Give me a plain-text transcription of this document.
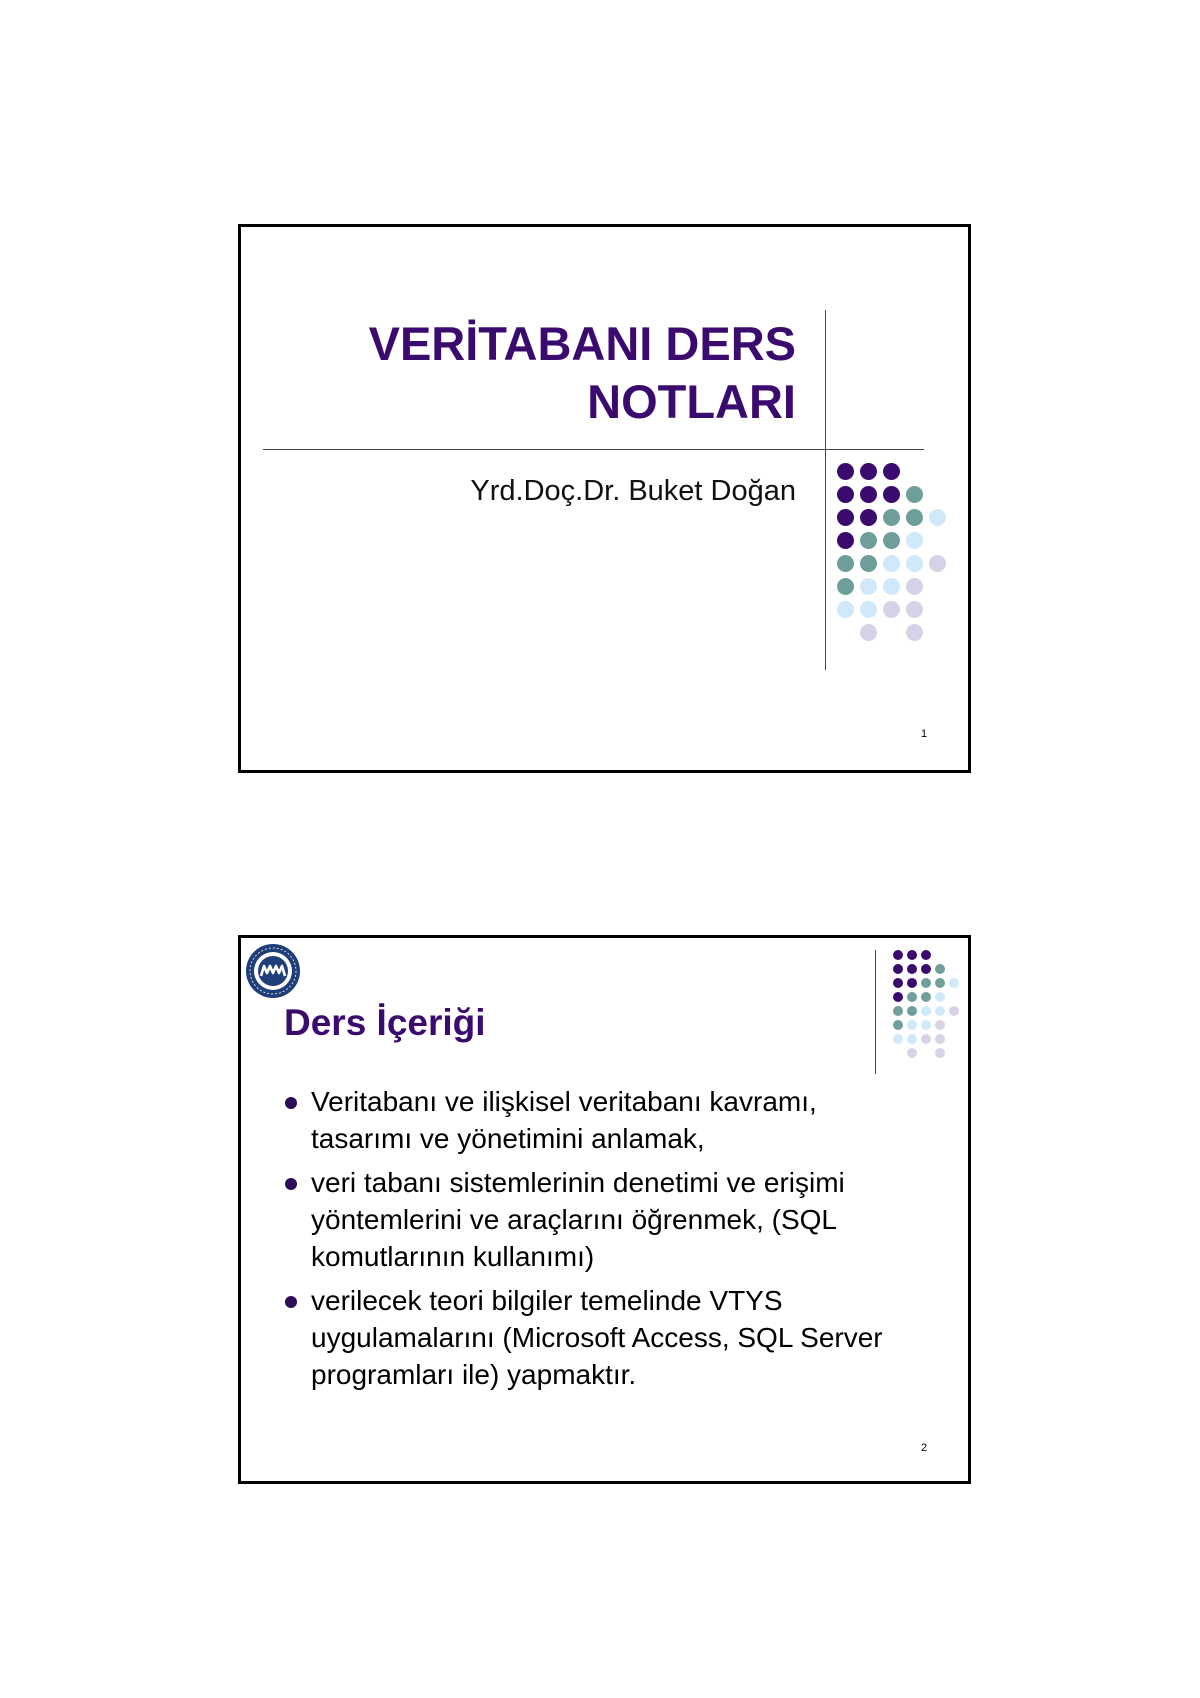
VERİTABANI DERS
NOTLARI

Yrd.Doç.Dr. Buket Doğan

1
Ders İçeriği
Veritabanı ve ilişkisel veritabanı kavramı, tasarımı ve yönetimini anlamak,
veri tabanı sistemlerinin denetimi ve erişimi yöntemlerini ve araçlarını öğrenmek, (SQL komutlarının kullanımı)
verilecek teori bilgiler temelinde VTYS uygulamalarını (Microsoft Access, SQL Server programları ile) yapmaktır.
2
